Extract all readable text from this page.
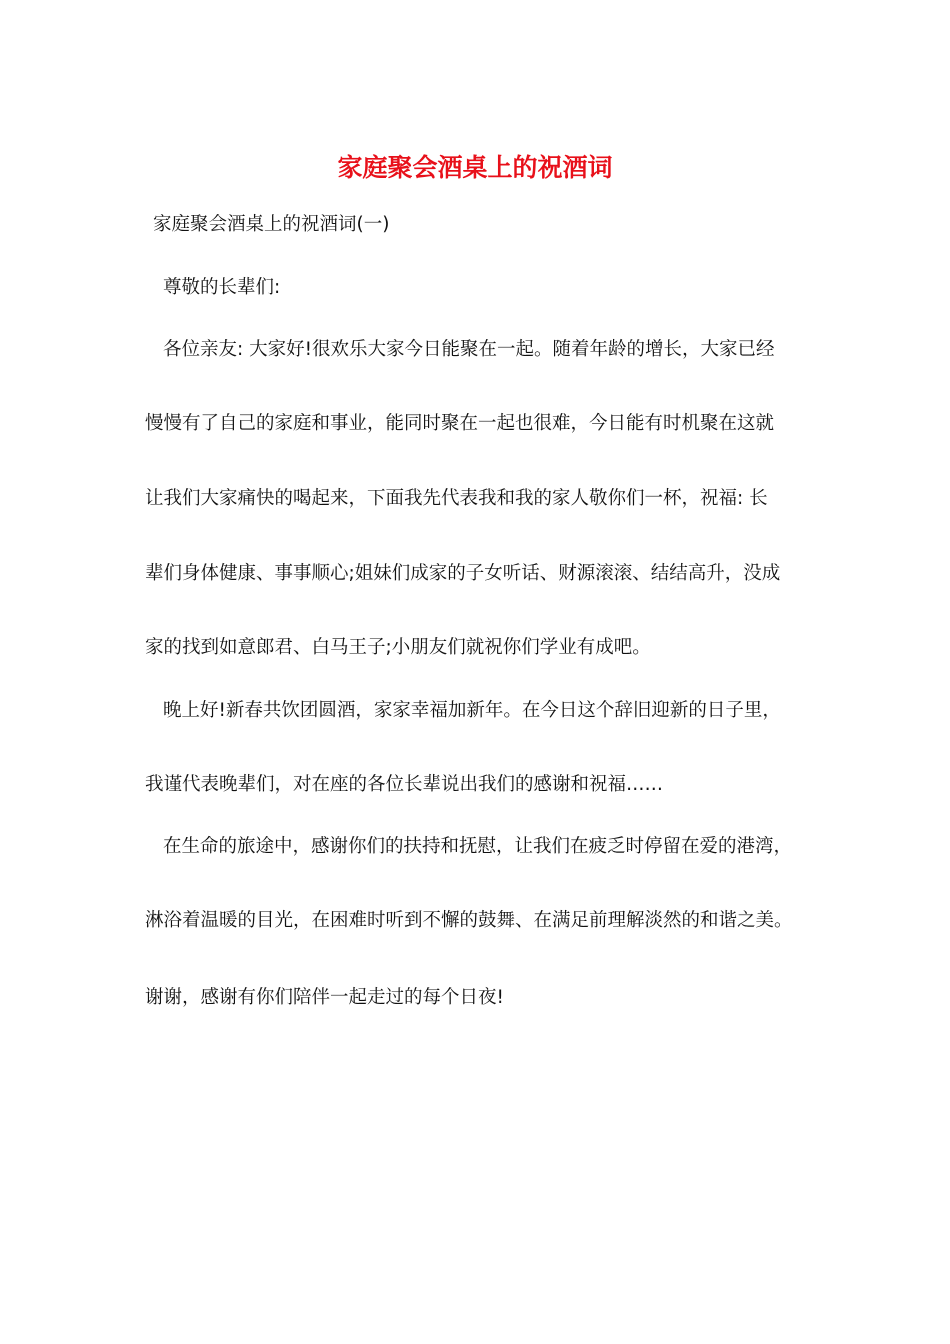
家庭聚会酒桌上的祝酒词
家庭聚会酒桌上的祝酒词(一)
尊敬的长辈们:
各位亲友: 大家好!很欢乐大家今日能聚在一起。随着年龄的增长，大家已经
慢慢有了自己的家庭和事业，能同时聚在一起也很难，今日能有时机聚在这就
让我们大家痛快的喝起来，下面我先代表我和我的家人敬你们一杯，祝福: 长
辈们身体健康、事事顺心;姐妹们成家的子女听话、财源滚滚、结结高升，没成
家的找到如意郎君、白马王子;小朋友们就祝你们学业有成吧。
晚上好!新春共饮团圆酒，家家幸福加新年。在今日这个辞旧迎新的日子里，
我谨代表晚辈们，对在座的各位长辈说出我们的感谢和祝福……
在生命的旅途中，感谢你们的扶持和抚慰，让我们在疲乏时停留在爱的港湾，
淋浴着温暖的目光，在困难时听到不懈的鼓舞、在满足前理解淡然的和谐之美。
谢谢，感谢有你们陪伴一起走过的每个日夜!
